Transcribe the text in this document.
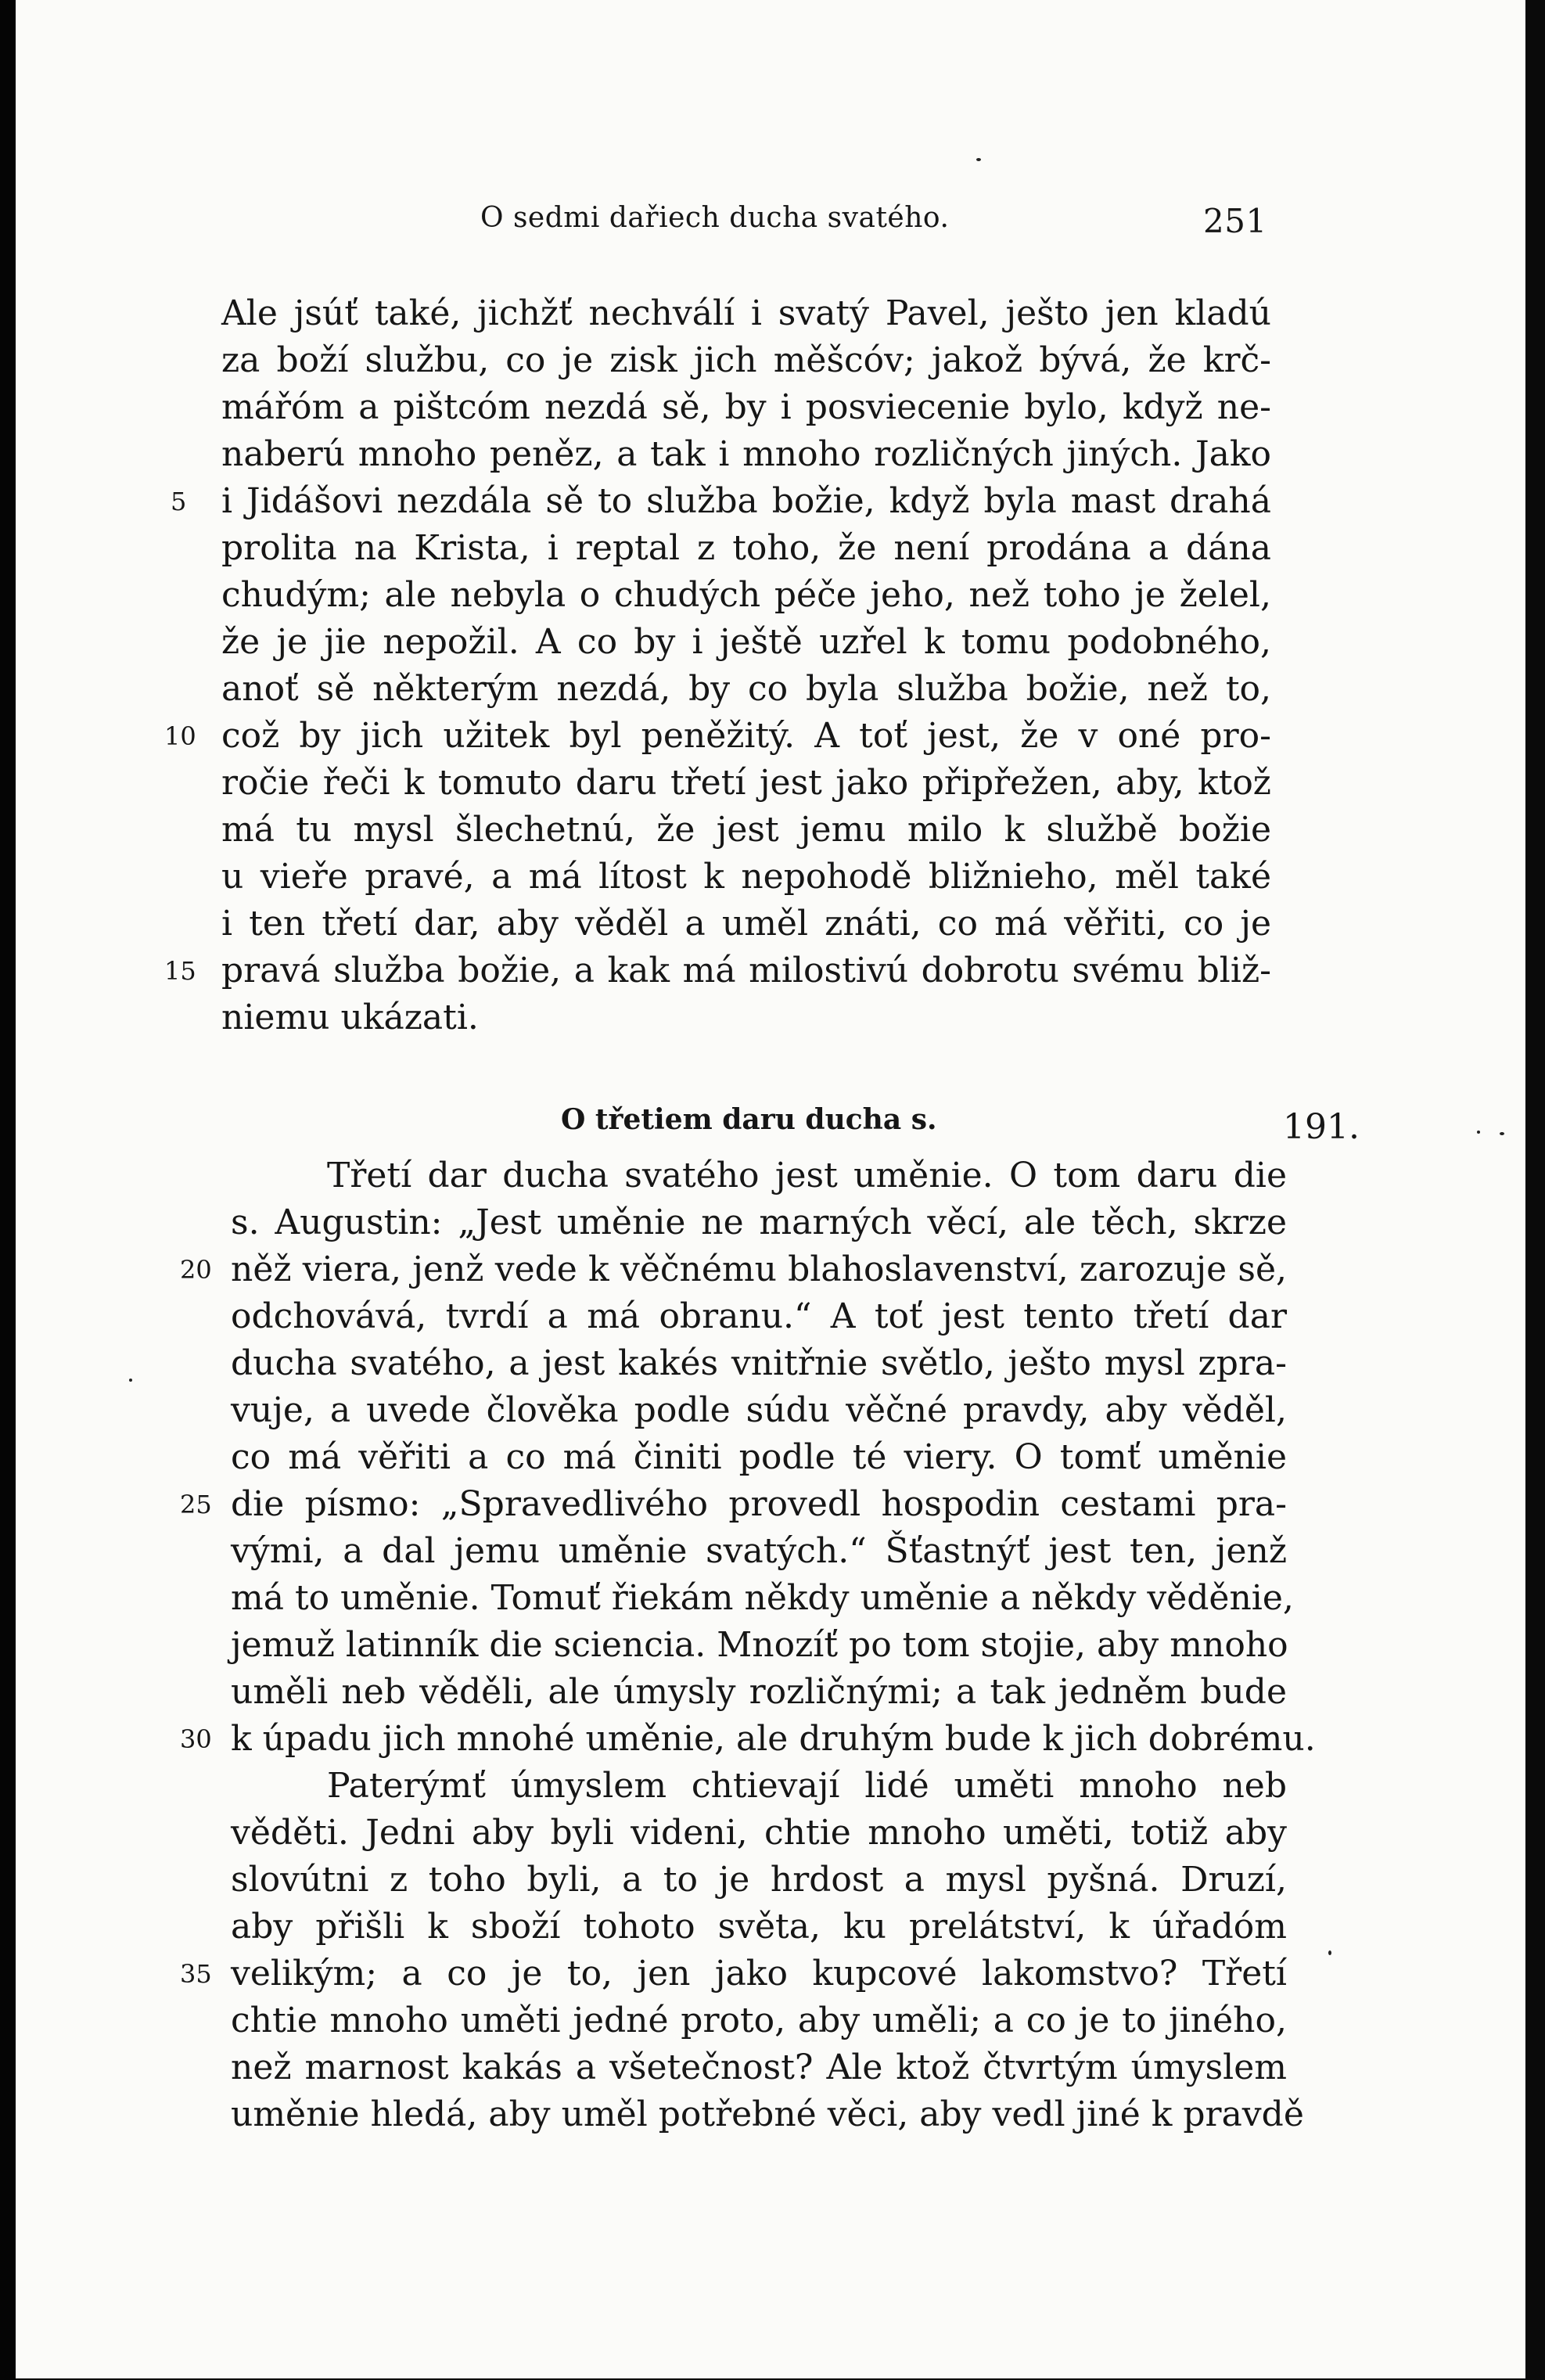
O sedmi dařiech ducha svatého.	251
Ale jsúť také, jichžť nechválí i svatý Pavel, ješto jen kladú
za boží službu, co je zisk jich měšcóv; jakož bývá, že krč-
mářóm a pištcóm nezdá sě, by i posviecenie bylo, když ne-
naberú mnoho peněz, a tak i mnoho rozličných jiných. Jako
i Jidášovi nezdála sě to služba božie, když byla mast drahá
prolita na Krista, i reptal z toho, že není prodána a dána
chudým; ale nebyla o chudých péče jeho, než toho je želel,
že je jie nepožil. A co by i ještě uzřel k tomu podobného,
anoť sě některým nezdá, by co byla služba božie, než to,
což by jich užitek byl peněžitý. A toť jest, že v oné pro-
ročie řeči k tomuto daru třetí jest jako připřežen, aby, ktož
má tu mysl šlechetnú, že jest jemu milo k službě božie
u vieře pravé, a má lítost k nepohodě bližnieho, měl také
i ten třetí dar, aby věděl a uměl znáti, co má věřiti, co je
pravá služba božie, a kak má milostivú dobrotu svému bliž-
niemu ukázati.
O třetiem daru ducha s.	191.
Třetí dar ducha svatého jest uměnie. O tom daru die
s. Augustin: „Jest uměnie ne marných věcí, ale těch, skrze
něž viera, jenž vede k věčnému blahoslavenství, zarozuje sě,
odchovává, tvrdí a má obranu.“ A toť jest tento třetí dar
ducha svatého, a jest kakés vnitřnie světlo, ješto mysl zpra-
vuje, a uvede člověka podle súdu věčné pravdy, aby věděl,
co má věřiti a co má činiti podle té viery. O tomť uměnie
die písmo: „Spravedlivého provedl hospodin cestami pra-
vými, a dal jemu uměnie svatých.“ Šťastnýť jest ten, jenž
má to uměnie. Tomuť řiekám někdy uměnie a někdy věděnie,
jemuž latinník die sciencia. Mnozíť po tom stojie, aby mnoho
uměli neb věděli, ale úmysly rozličnými; a tak jedněm bude
k úpadu jich mnohé uměnie, ale druhým bude k jich dobrému.
Paterýmť úmyslem chtievají lidé uměti mnoho neb
věděti. Jedni aby byli videni, chtie mnoho uměti, totiž aby
slovútni z toho byli, a to je hrdost a mysl pyšná. Druzí,
aby přišli k sboží tohoto světa, ku prelátství, k úřadóm
velikým; a co je to, jen jako kupcové lakomstvo? Třetí
chtie mnoho uměti jedné proto, aby uměli; a co je to jiného,
než marnost kakás a všetečnost? Ale ktož čtvrtým úmyslem
uměnie hledá, aby uměl potřebné věci, aby vedl jiné k pravdě
5
10
15
20
25
30
35
